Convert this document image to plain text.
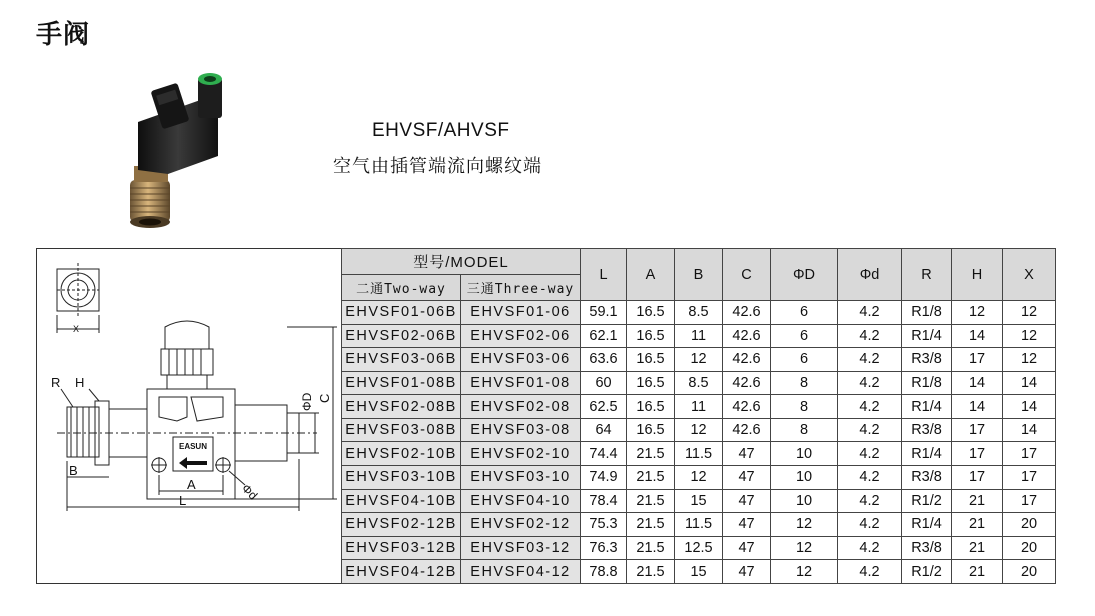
手阀
EHVSF/AHVSF
空气由插管端流向螺纹端
EASUN
X
R H
B
A
L
ΦD C
Φd
型号/MODEL		L	A	B	C	ΦD	Φd	R	H	X
二通Two-way	三通Three-way									
EHVSF01-06B	EHVSF01-06	59.1	16.5	8.5	42.6	6	4.2	R1/8	12	12
EHVSF02-06B	EHVSF02-06	62.1	16.5	11	42.6	6	4.2	R1/4	14	12
EHVSF03-06B	EHVSF03-06	63.6	16.5	12	42.6	6	4.2	R3/8	17	12
EHVSF01-08B	EHVSF01-08	60	16.5	8.5	42.6	8	4.2	R1/8	14	14
EHVSF02-08B	EHVSF02-08	62.5	16.5	11	42.6	8	4.2	R1/4	14	14
EHVSF03-08B	EHVSF03-08	64	16.5	12	42.6	8	4.2	R3/8	17	14
EHVSF02-10B	EHVSF02-10	74.4	21.5	11.5	47	10	4.2	R1/4	17	17
EHVSF03-10B	EHVSF03-10	74.9	21.5	12	47	10	4.2	R3/8	17	17
EHVSF04-10B	EHVSF04-10	78.4	21.5	15	47	10	4.2	R1/2	21	17
EHVSF02-12B	EHVSF02-12	75.3	21.5	11.5	47	12	4.2	R1/4	21	20
EHVSF03-12B	EHVSF03-12	76.3	21.5	12.5	47	12	4.2	R3/8	21	20
EHVSF04-12B	EHVSF04-12	78.8	21.5	15	47	12	4.2	R1/2	21	20
